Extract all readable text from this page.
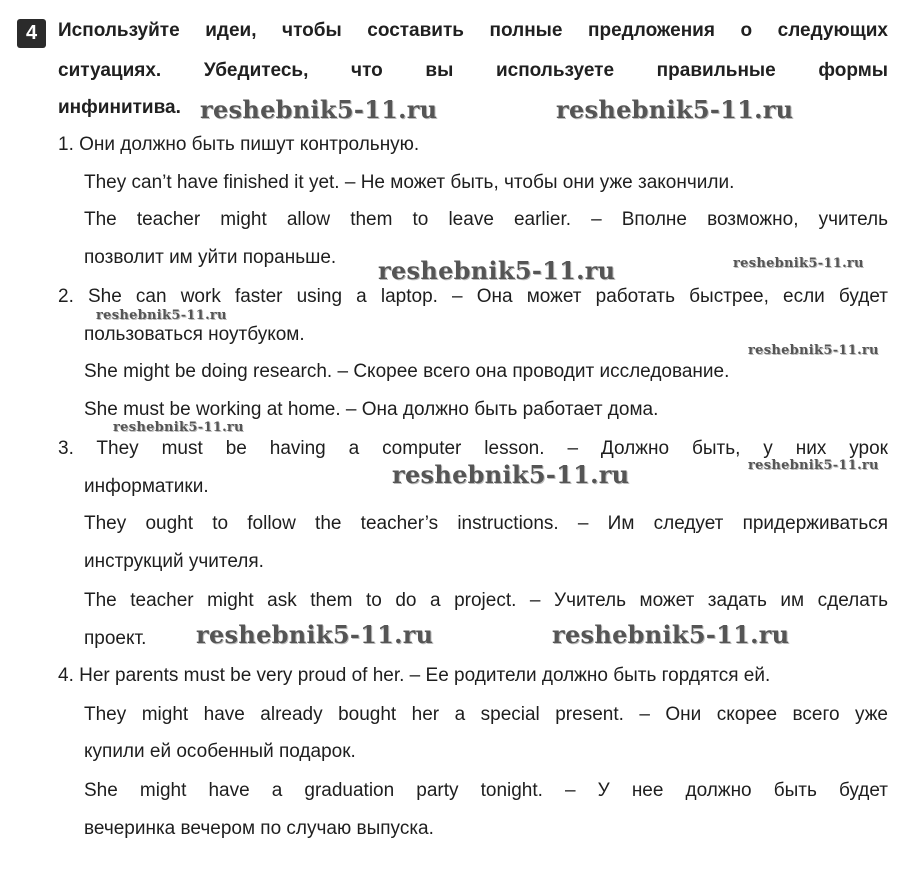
4	Используйте идеи, чтобы составить полные предложения о следующих
ситуациях. Убедитесь, что вы используете правильные формы
инфинитива.
1. Они должно быть пишут контрольную.
They can’t have finished it yet. – Не может быть, чтобы они уже закончили.
The teacher might allow them to leave earlier. – Вполне возможно, учитель
позволит им уйти пораньше.
2. She can work faster using a laptop. – Она может работать быстрее, если будет
пользоваться ноутбуком.
She might be doing research. – Скорее всего она проводит исследование.
She must be working at home. – Она должно быть работает дома.
3. They must be having a computer lesson. – Должно быть, у них урок
информатики.
They ought to follow the teacher’s instructions. – Им следует придерживаться
инструкций учителя.
The teacher might ask them to do a project. – Учитель может задать им сделать
проект.
4. Her parents must be very proud of her. – Ее родители должно быть гордятся ей.
They might have already bought her a special present. – Они скорее всего уже
купили ей особенный подарок.
She might have a graduation party tonight. – У нее должно быть будет
вечеринка вечером по случаю выпуска.
reshebnik5-11.ru	reshebnik5-11.ru
reshebnik5-11.ru	reshebnik5-11.ru
reshebnik5-11.ru
reshebnik5-11.ru
reshebnik5-11.ru
reshebnik5-11.ru	reshebnik5-11.ru
reshebnik5-11.ru	reshebnik5-11.ru
